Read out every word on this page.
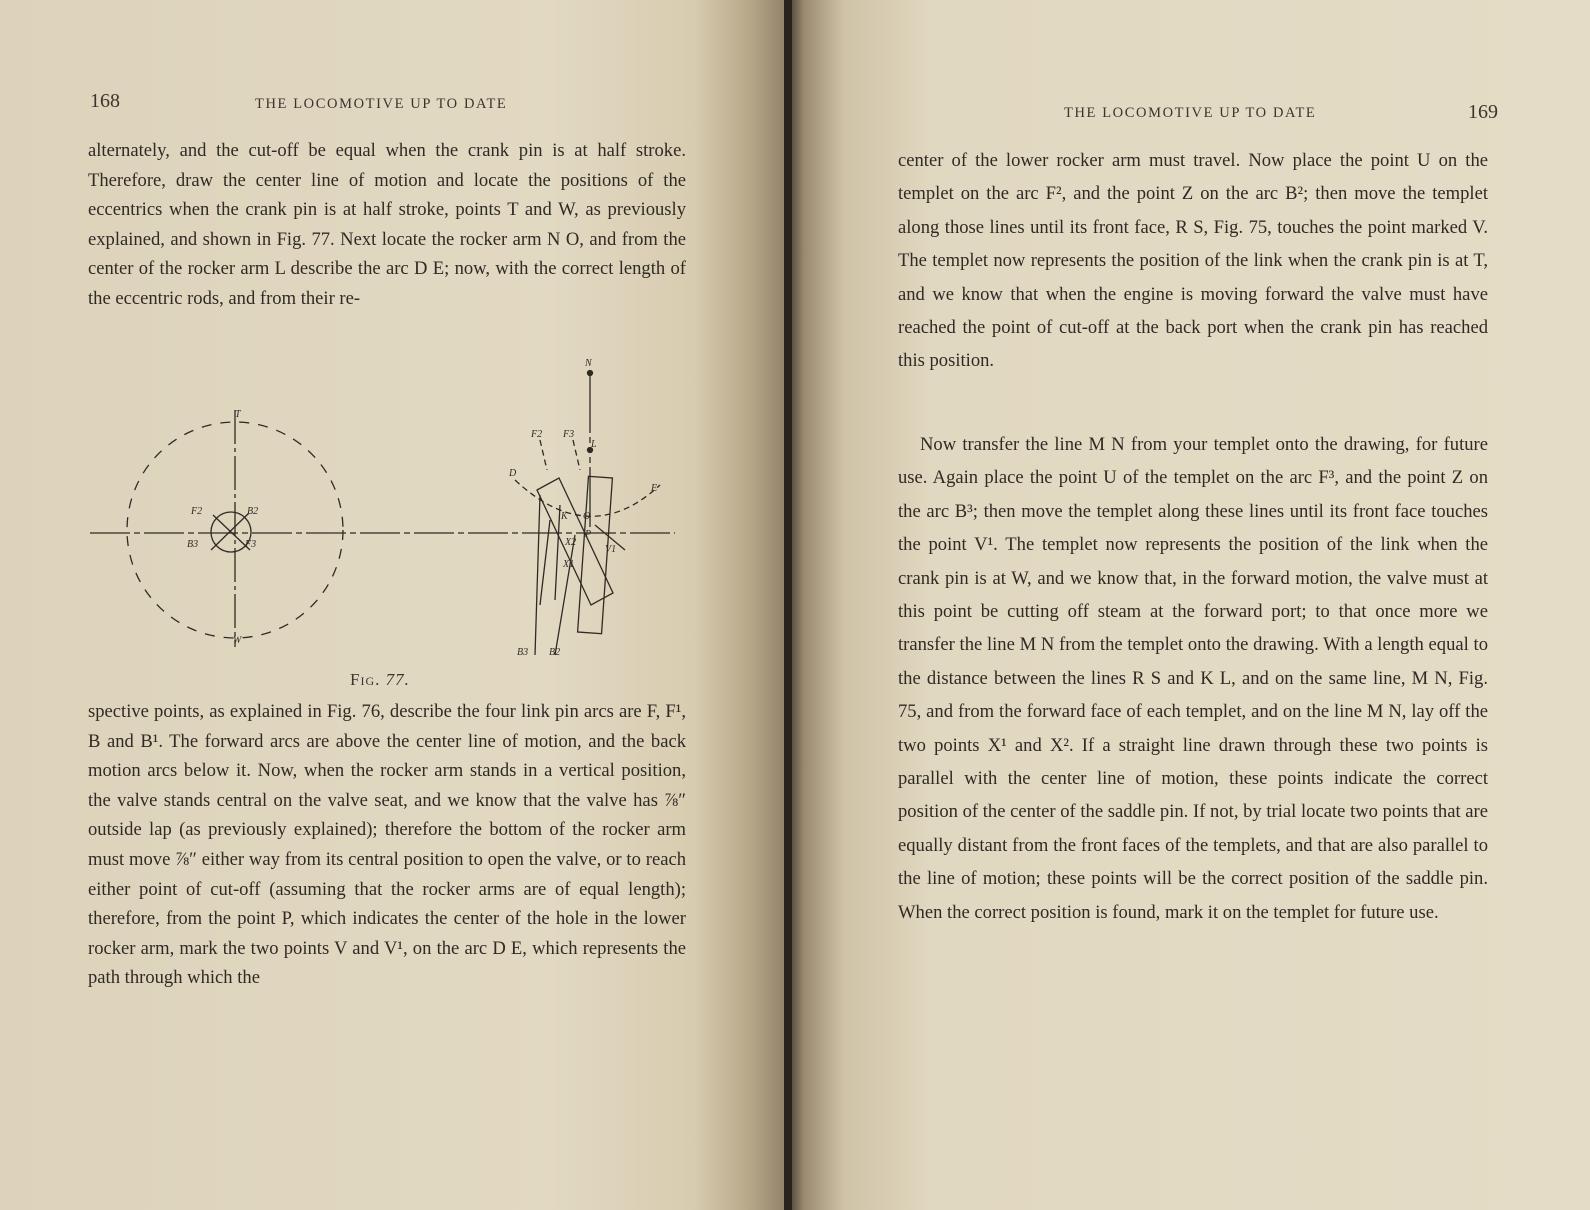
168	THE LOCOMOTIVE UP TO DATE

alternately, and the cut-off be equal when the crank pin is at half stroke. Therefore, draw the center line of motion and locate the positions of the eccentrics when the crank pin is at half stroke, points T and W, as previously explained, and shown in Fig. 77. Next locate the rocker arm N O, and from the center of the rocker arm L describe the arc D E; now, with the correct length of the eccentric rods, and from their re-

T
W
F2	B2
B3	F3
N
L
F2 F3
D
E
K O
P
V1
X2
X1
B3 B2
Fig. 77.

spective points, as explained in Fig. 76, describe the four link pin arcs are F, F¹, B and B¹. The forward arcs are above the center line of motion, and the back motion arcs below it. Now, when the rocker arm stands in a vertical position, the valve stands central on the valve seat, and we know that the valve has ⅞″ outside lap (as previously explained); therefore the bottom of the rocker arm must move ⅞″ either way from its central position to open the valve, or to reach either point of cut-off (assuming that the rocker arms are of equal length); therefore, from the point P, which indicates the center of the hole in the lower rocker arm, mark the two points V and V¹, on the arc D E, which represents the path through which the

THE LOCOMOTIVE UP TO DATE	169

center of the lower rocker arm must travel. Now place the point U on the templet on the arc F², and the point Z on the arc B²; then move the templet along those lines until its front face, R S, Fig. 75, touches the point marked V. The templet now represents the position of the link when the crank pin is at T, and we know that when the engine is moving forward the valve must have reached the point of cut-off at the back port when the crank pin has reached this position.

Now transfer the line M N from your templet onto the drawing, for future use. Again place the point U of the templet on the arc F³, and the point Z on the arc B³; then move the templet along these lines until its front face touches the point V¹. The templet now represents the position of the link when the crank pin is at W, and we know that, in the forward motion, the valve must at this point be cutting off steam at the forward port; to that once more we transfer the line M N from the templet onto the drawing. With a length equal to the distance between the lines R S and K L, and on the same line, M N, Fig. 75, and from the forward face of each templet, and on the line M N, lay off the two points X¹ and X². If a straight line drawn through these two points is parallel with the center line of motion, these points indicate the correct position of the center of the saddle pin. If not, by trial locate two points that are equally distant from the front faces of the templets, and that are also parallel to the line of motion; these points will be the correct position of the saddle pin. When the correct position is found, mark it on the templet for future use.
